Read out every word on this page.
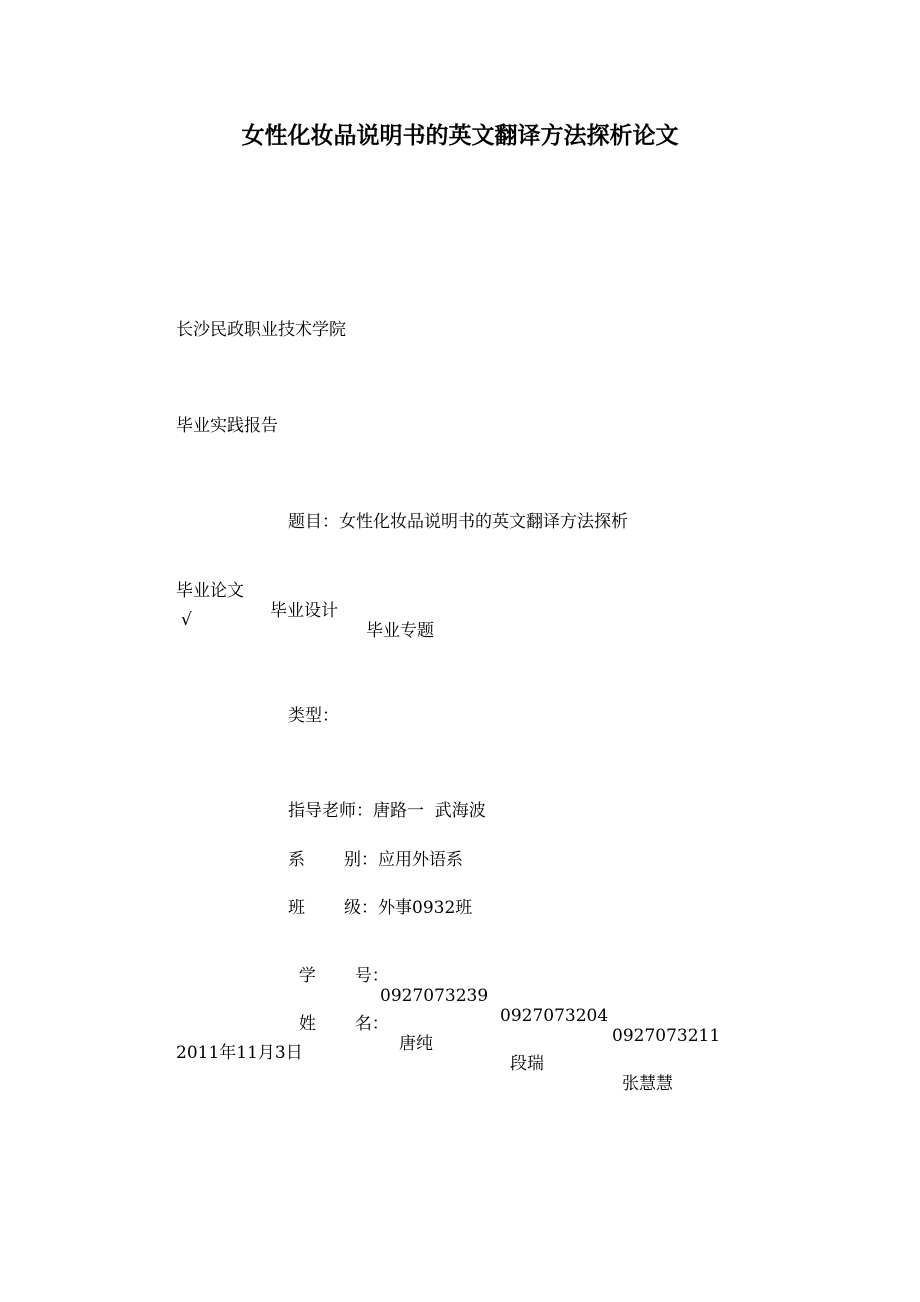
女性化妆品说明书的英文翻译方法探析论文
长沙民政职业技术学院
毕业实践报告
题目：女性化妆品说明书的英文翻译方法探析

毕业论文

毕业设计

毕业专题

√
类型：
指导老师：唐路一  武海波
系 别：应用外语系
班 级：外事0932班

学 号：

0927073239

0927073204

0927073211

姓 名：

唐纯

段瑞

张慧慧

2011年11月3日
